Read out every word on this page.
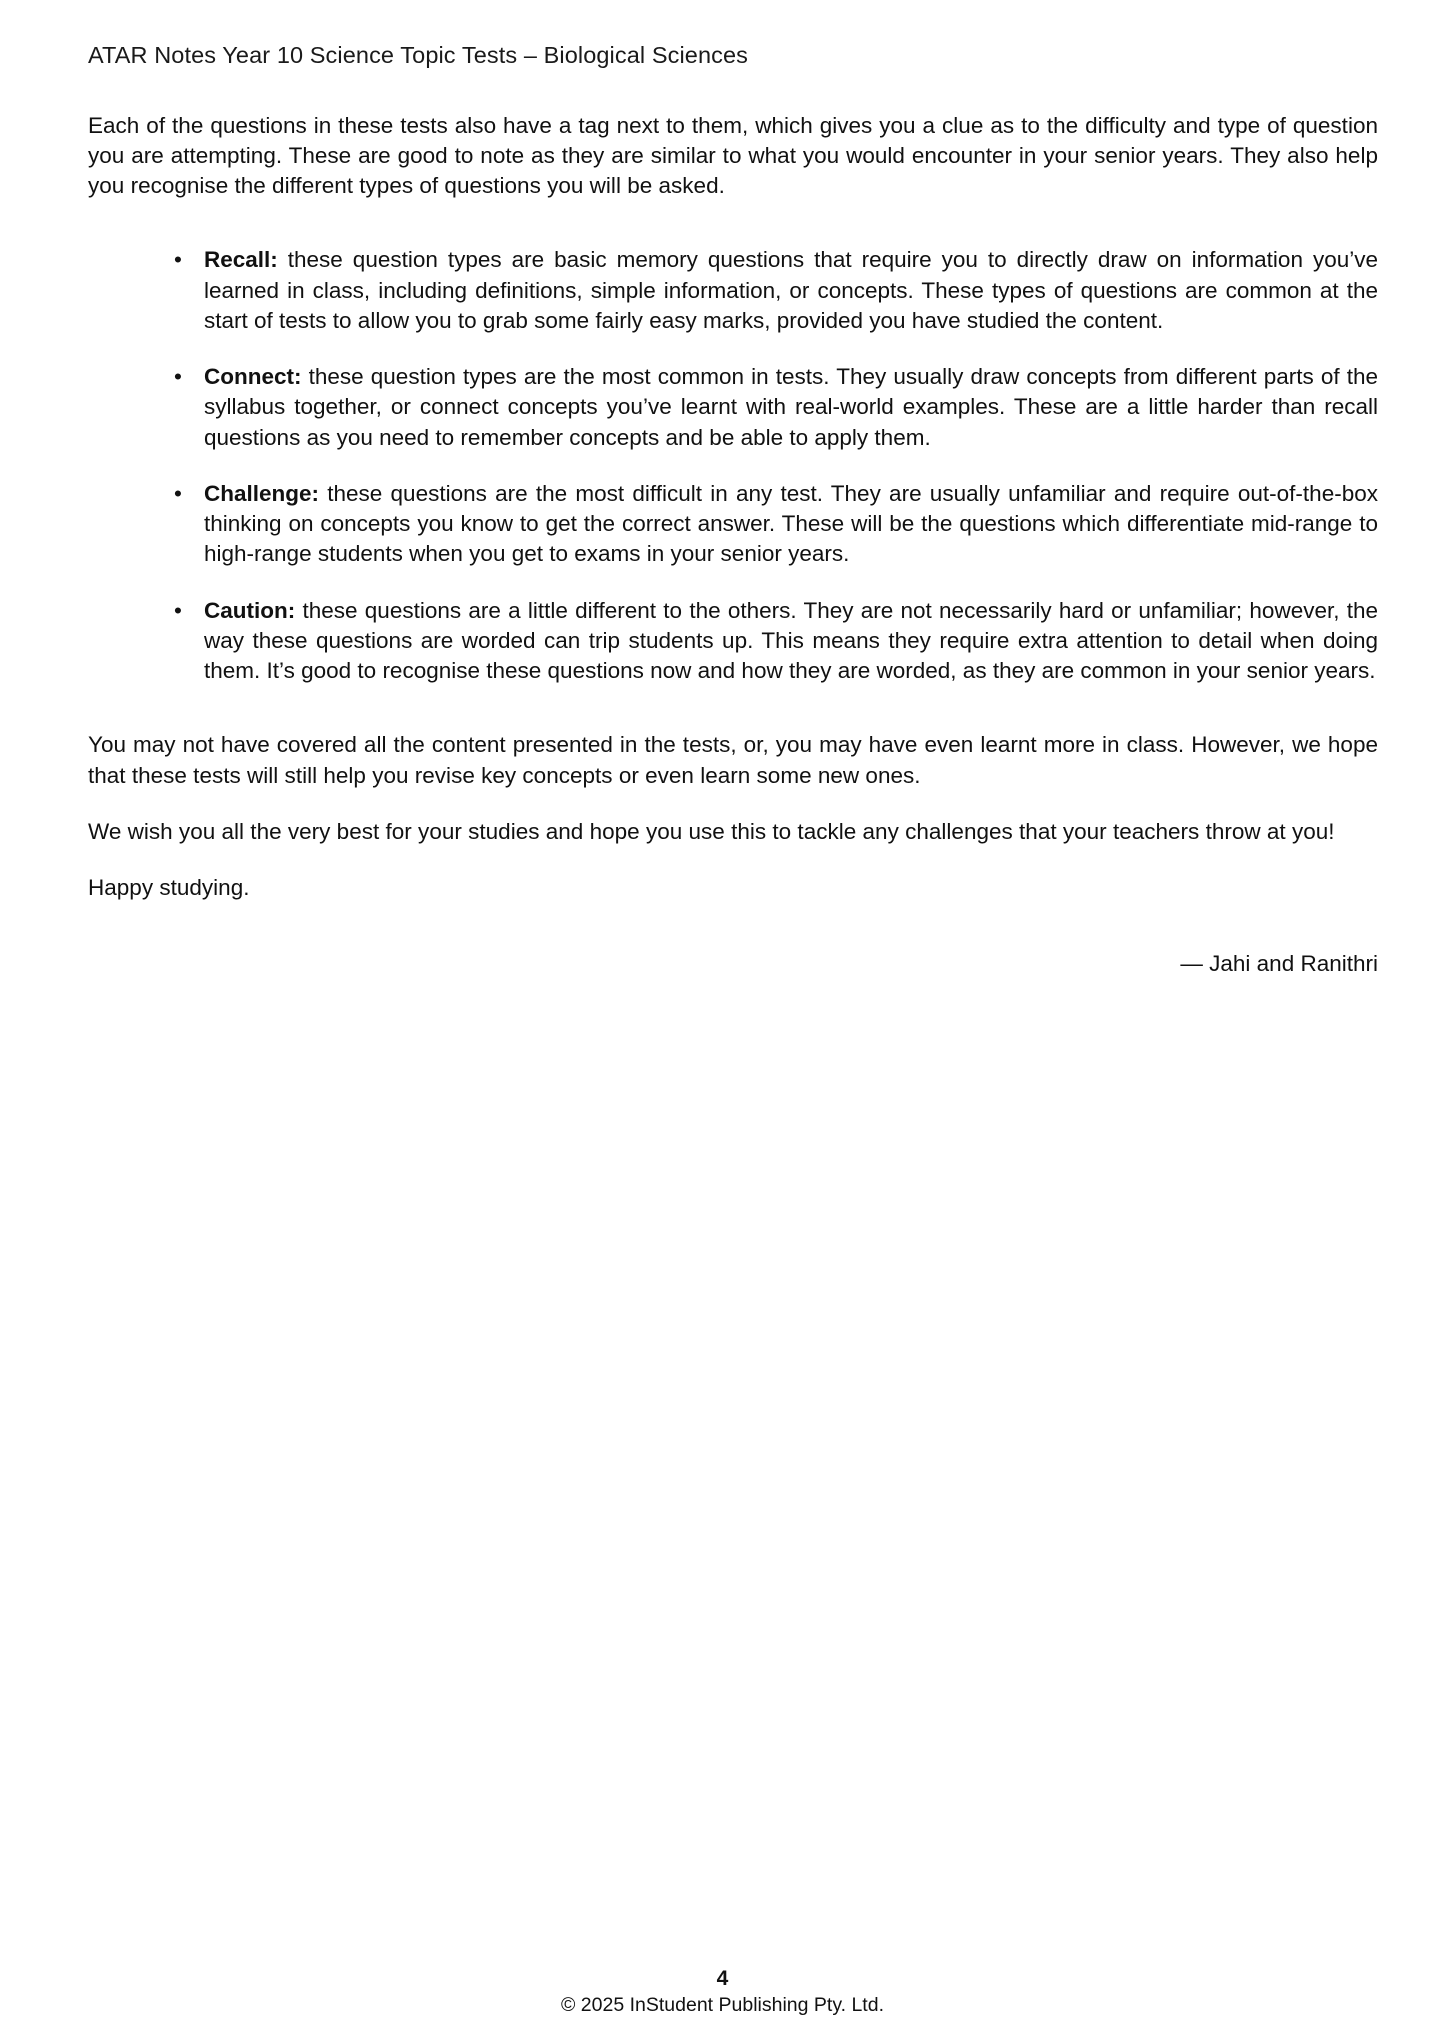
ATAR Notes Year 10 Science Topic Tests – Biological Sciences

Each of the questions in these tests also have a tag next to them, which gives you a clue as to the difficulty and type of question you are attempting. These are good to note as they are similar to what you would encounter in your senior years. They also help you recognise the different types of questions you will be asked.

• Recall: these question types are basic memory questions that require you to directly draw on information you’ve learned in class, including definitions, simple information, or concepts. These types of questions are common at the start of tests to allow you to grab some fairly easy marks, provided you have studied the content.
• Connect: these question types are the most common in tests. They usually draw concepts from different parts of the syllabus together, or connect concepts you’ve learnt with real-world examples. These are a little harder than recall questions as you need to remember concepts and be able to apply them.
• Challenge: these questions are the most difficult in any test. They are usually unfamiliar and require out-of-the-box thinking on concepts you know to get the correct answer. These will be the questions which differentiate mid-range to high-range students when you get to exams in your senior years.
• Caution: these questions are a little different to the others. They are not necessarily hard or unfamiliar; however, the way these questions are worded can trip students up. This means they require extra attention to detail when doing them. It’s good to recognise these questions now and how they are worded, as they are common in your senior years.

You may not have covered all the content presented in the tests, or, you may have even learnt more in class. However, we hope that these tests will still help you revise key concepts or even learn some new ones.

We wish you all the very best for your studies and hope you use this to tackle any challenges that your teachers throw at you!

Happy studying.

— Jahi and Ranithri
4
© 2025 InStudent Publishing Pty. Ltd.
